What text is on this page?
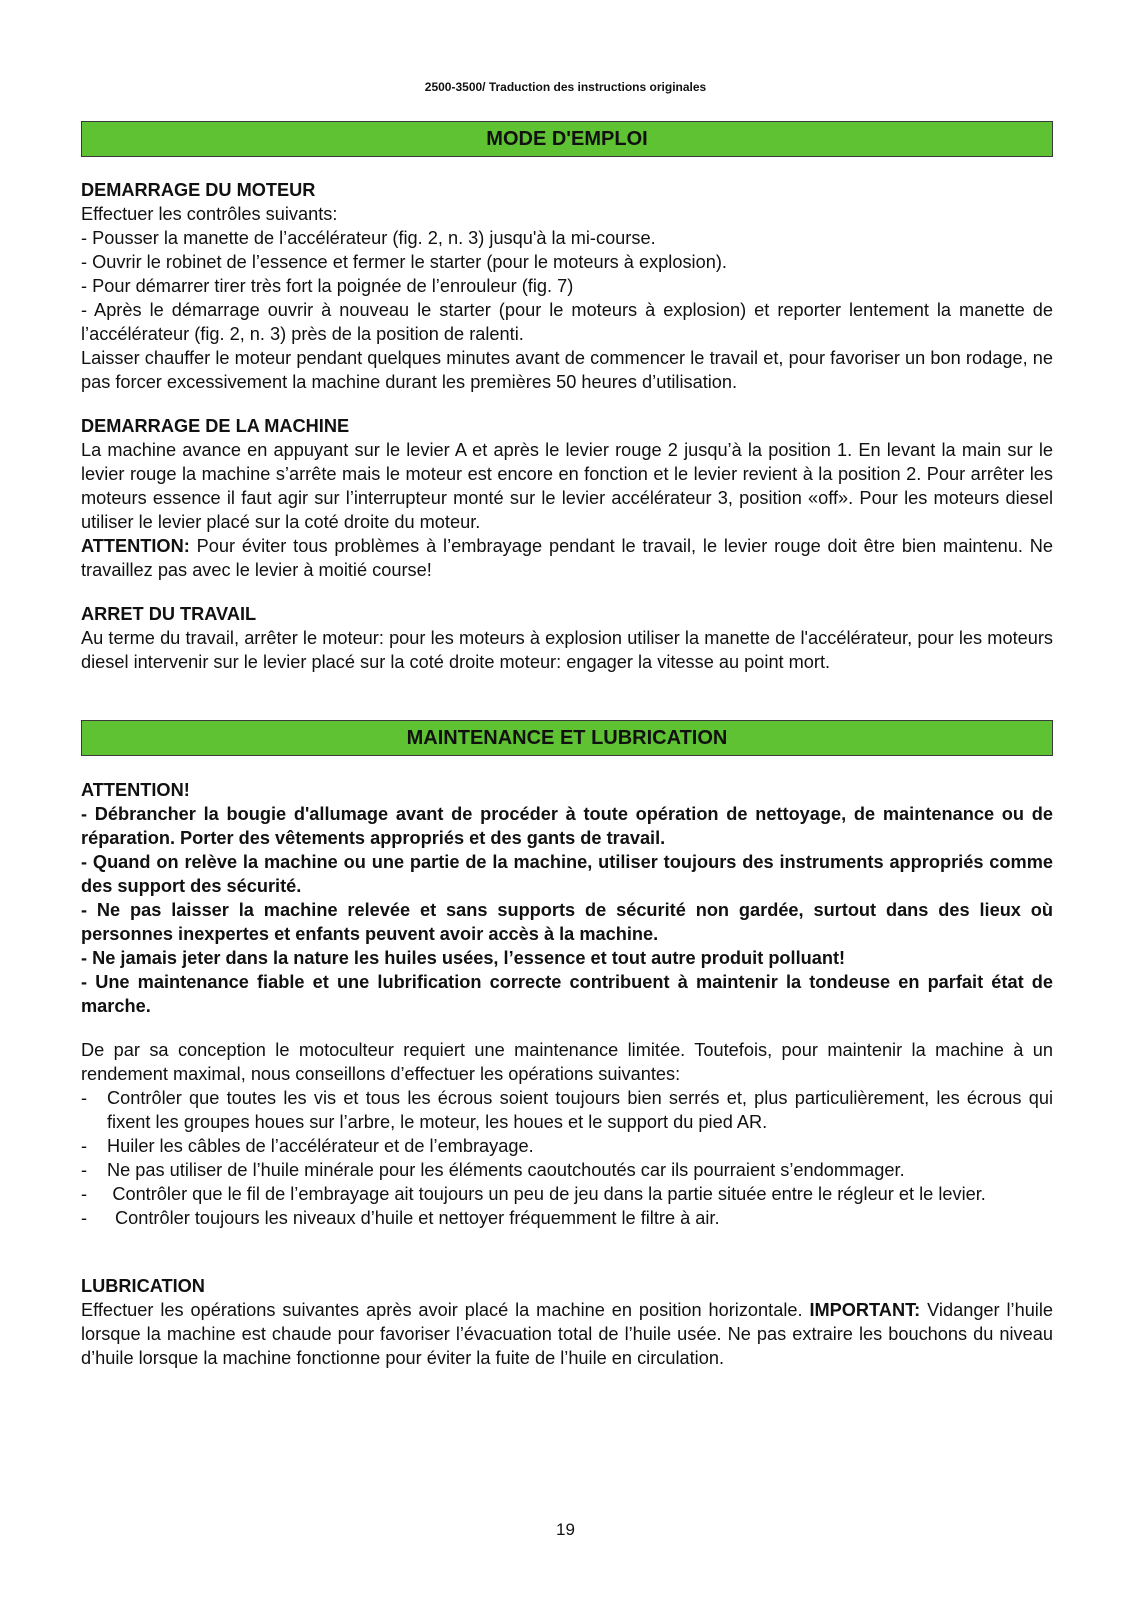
2500-3500/ Traduction des instructions originales
MODE D'EMPLOI
DEMARRAGE DU MOTEUR
Effectuer les contrôles suivants:
- Pousser la manette de l’accélérateur (fig. 2, n. 3) jusqu'à la mi-course.
- Ouvrir le robinet de l’essence et fermer le starter (pour le moteurs à explosion).
- Pour démarrer tirer très fort la poignée de l’enrouleur (fig. 7)
- Après le démarrage ouvrir à nouveau le starter (pour le moteurs à explosion) et reporter lentement la manette de l’accélérateur (fig. 2, n. 3) près de la position de ralenti.
Laisser chauffer le moteur pendant quelques minutes avant de commencer le travail et, pour favoriser un bon rodage, ne pas forcer excessivement la machine durant les premières 50 heures d’utilisation.
DEMARRAGE DE LA MACHINE
La machine avance en appuyant sur le levier A et après le levier rouge 2 jusqu’à la position 1. En levant la main sur le levier rouge la machine s’arrête mais le moteur est encore en fonction et le levier revient à la position 2. Pour arrêter les moteurs essence il faut agir sur l’interrupteur monté sur le levier accélérateur 3, position «off». Pour les moteurs diesel utiliser le levier placé sur la coté droite du moteur.
ATTENTION: Pour éviter tous problèmes à l’embrayage pendant le travail, le levier rouge doit être bien maintenu. Ne travaillez pas avec le levier à moitié course!
ARRET DU TRAVAIL
Au terme du travail, arrêter le moteur: pour les moteurs à explosion utiliser la manette de l'accélérateur, pour les moteurs diesel intervenir sur le levier placé sur la coté droite moteur: engager la vitesse au point mort.
MAINTENANCE ET LUBRICATION
ATTENTION!
- Débrancher la bougie d'allumage avant de procéder à toute opération de nettoyage, de maintenance ou de réparation. Porter des vêtements appropriés et des gants de travail.
- Quand on relève la machine ou une partie de la machine, utiliser toujours des instruments appropriés comme des support des sécurité.
- Ne pas laisser la machine relevée et sans supports de sécurité non gardée, surtout dans des lieux où personnes inexpertes et enfants peuvent avoir accès à la machine.
- Ne jamais jeter dans la nature les huiles usées, l’essence et tout autre produit polluant!
- Une maintenance fiable et une lubrification correcte contribuent à maintenir la tondeuse en parfait état de marche.
De par sa conception le motoculteur requiert une maintenance limitée. Toutefois, pour maintenir la machine à un rendement maximal, nous conseillons d’effectuer les opérations suivantes:
-	Contrôler que toutes les vis et tous les écrous soient toujours bien serrés et, plus particulièrement, les écrous qui fixent les groupes houes sur l’arbre, le moteur, les houes et le support du pied AR.
-	Huiler les câbles de l’accélérateur et de l’embrayage.
-	Ne pas utiliser de l’huile minérale pour les éléments caoutchoutés car ils pourraient s’endommager.
-     Contrôler que le fil de l’embrayage ait toujours un peu de jeu dans la partie située entre le régleur et le levier.
-	Contrôler toujours les niveaux d’huile et nettoyer fréquemment le filtre à air.
LUBRICATION
Effectuer les opérations suivantes après avoir placé la machine en position horizontale. IMPORTANT: Vidanger l’huile lorsque la machine est chaude pour favoriser l’évacuation total de l’huile usée. Ne pas extraire les bouchons du niveau d’huile lorsque la machine fonctionne pour éviter la fuite de l’huile en circulation.
19
